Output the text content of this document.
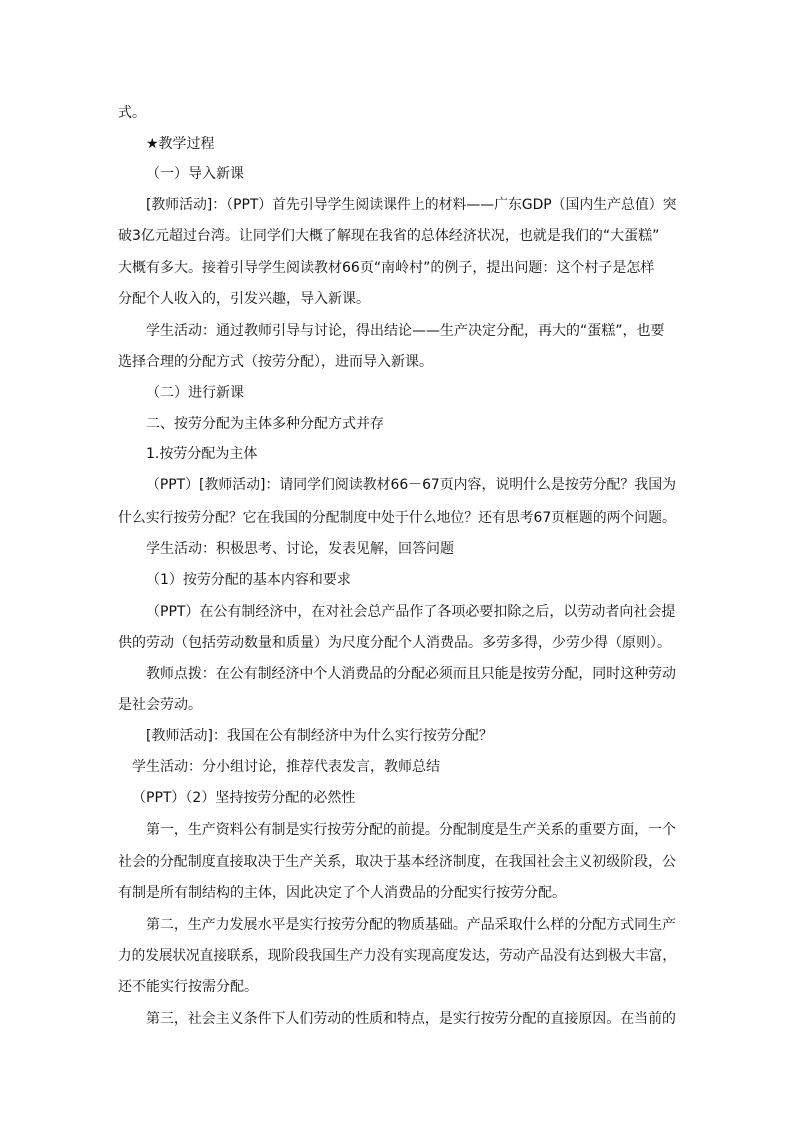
式。
★教学过程
（一）导入新课
[教师活动]：（PPT）首先引导学生阅读课件上的材料——广东GDP（国内生产总值）突
破3亿元超过台湾。让同学们大概了解现在我省的总体经济状况，也就是我们的“大蛋糕”
大概有多大。接着引导学生阅读教材66页“南岭村”的例子，提出问题：这个村子是怎样
分配个人收入的，引发兴趣，导入新课。
学生活动：通过教师引导与讨论，得出结论——生产决定分配，再大的“蛋糕”，也要
选择合理的分配方式（按劳分配），进而导入新课。
（二）进行新课
二、按劳分配为主体多种分配方式并存
1.按劳分配为主体
（PPT）[教师活动]：请同学们阅读教材66－67页内容，说明什么是按劳分配？我国为
什么实行按劳分配？它在我国的分配制度中处于什么地位？还有思考67页框题的两个问题。
学生活动：积极思考、讨论，发表见解，回答问题
（1）按劳分配的基本内容和要求
（PPT）在公有制经济中，在对社会总产品作了各项必要扣除之后，以劳动者向社会提
供的劳动（包括劳动数量和质量）为尺度分配个人消费品。多劳多得，少劳少得（原则）。
教师点拨：在公有制经济中个人消费品的分配必须而且只能是按劳分配，同时这种劳动
是社会劳动。
[教师活动]：我国在公有制经济中为什么实行按劳分配？
学生活动：分小组讨论，推荐代表发言，教师总结
（PPT）（2）坚持按劳分配的必然性
第一，生产资料公有制是实行按劳分配的前提。分配制度是生产关系的重要方面，一个
社会的分配制度直接取决于生产关系，取决于基本经济制度，在我国社会主义初级阶段，公
有制是所有制结构的主体，因此决定了个人消费品的分配实行按劳分配。
第二，生产力发展水平是实行按劳分配的物质基础。产品采取什么样的分配方式同生产
力的发展状况直接联系，现阶段我国生产力没有实现高度发达，劳动产品没有达到极大丰富，
还不能实行按需分配。
第三，社会主义条件下人们劳动的性质和特点，是实行按劳分配的直接原因。在当前的
